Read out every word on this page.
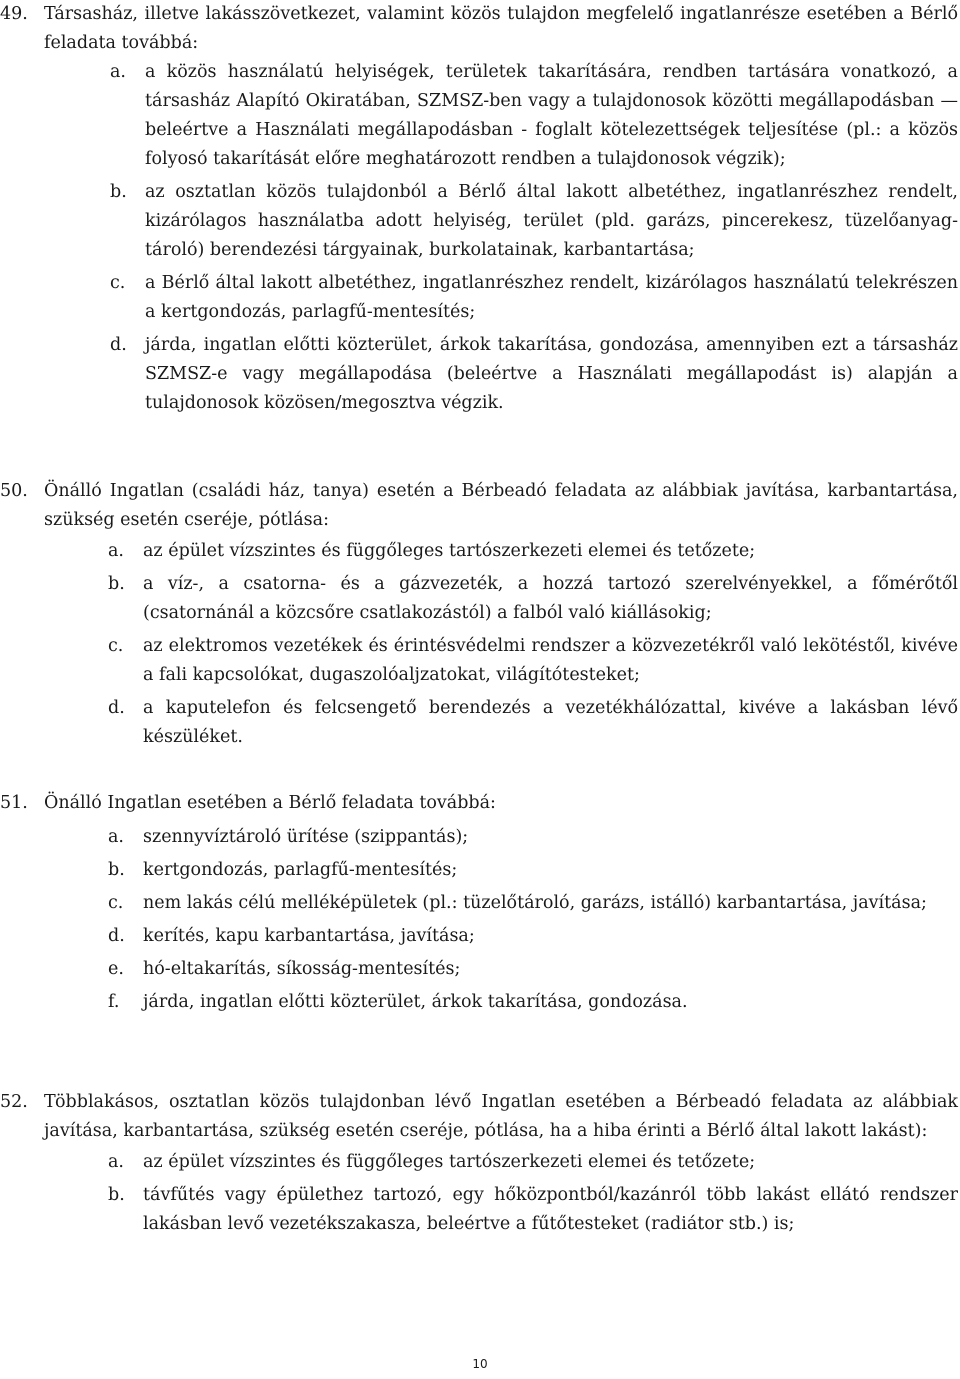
49. Társasház, illetve lakásszövetkezet, valamint közös tulajdon megfelelő ingatlanrésze esetében a Bérlő feladata továbbá:
a.	a közös használatú helyiségek, területek takarítására, rendben tartására vonatkozó, a társasház Alapító Okiratában, SZMSZ-ben vagy a tulajdonosok közötti megállapodásban — beleértve a Használati megállapodásban - foglalt kötelezettségek teljesítése (pl.: a közös folyosó takarítását előre meghatározott rendben a tulajdonosok végzik);
b.	az osztatlan közös tulajdonból a Bérlő által lakott albetéthez, ingatlanrészhez rendelt, kizárólagos használatba adott helyiség, terület (pld. garázs, pincerekesz, tüzelőanyag-tároló) berendezési tárgyainak, burkolatainak, karbantartása;
c.	a Bérlő által lakott albetéthez, ingatlanrészhez rendelt, kizárólagos használatú telekrészen a kertgondozás, parlagfű-mentesítés;
d.	járda, ingatlan előtti közterület, árkok takarítása, gondozása, amennyiben ezt a társasház SZMSZ-e vagy megállapodása (beleértve a Használati megállapodást is) alapján a tulajdonosok közösen/megosztva végzik.
50. Önálló Ingatlan (családi ház, tanya) esetén a Bérbeadó feladata az alábbiak javítása, karbantartása, szükség esetén cseréje, pótlása:
a.	az épület vízszintes és függőleges tartószerkezeti elemei és tetőzete;
b.	a víz-, a csatorna- és a gázvezeték, a hozzá tartozó szerelvényekkel, a főmérőtől (csatornánál a közcsőre csatlakozástól) a falból való kiállásokig;
c.	az elektromos vezetékek és érintésvédelmi rendszer a közvezetékről való lekötéstől, kivéve a fali kapcsolókat, dugaszolóaljzatokat, világítótesteket;
d.	a kaputelefon és felcsengető berendezés a vezetékhálózattal, kivéve a lakásban lévő készüléket.
51. Önálló Ingatlan esetében a Bérlő feladata továbbá:
a.	szennyvíztároló ürítése (szippantás);
b.	kertgondozás, parlagfű-mentesítés;
c.	nem lakás célú melléképületek (pl.: tüzelőtároló, garázs, istálló) karbantartása, javítása;
d.	kerítés, kapu karbantartása, javítása;
e.	hó-eltakarítás, síkosság-mentesítés;
f.	járda, ingatlan előtti közterület, árkok takarítása, gondozása.
52. Többlakásos, osztatlan közös tulajdonban lévő Ingatlan esetében a Bérbeadó feladata az alábbiak javítása, karbantartása, szükség esetén cseréje, pótlása, ha a hiba érinti a Bérlő által lakott lakást):
a.	az épület vízszintes és függőleges tartószerkezeti elemei és tetőzete;
b.	távfűtés vagy épülethez tartozó, egy hőközpontból/kazánról több lakást ellátó rendszer lakásban levő vezetékszakasza, beleértve a fűtőtesteket (radiátor stb.) is;
10
